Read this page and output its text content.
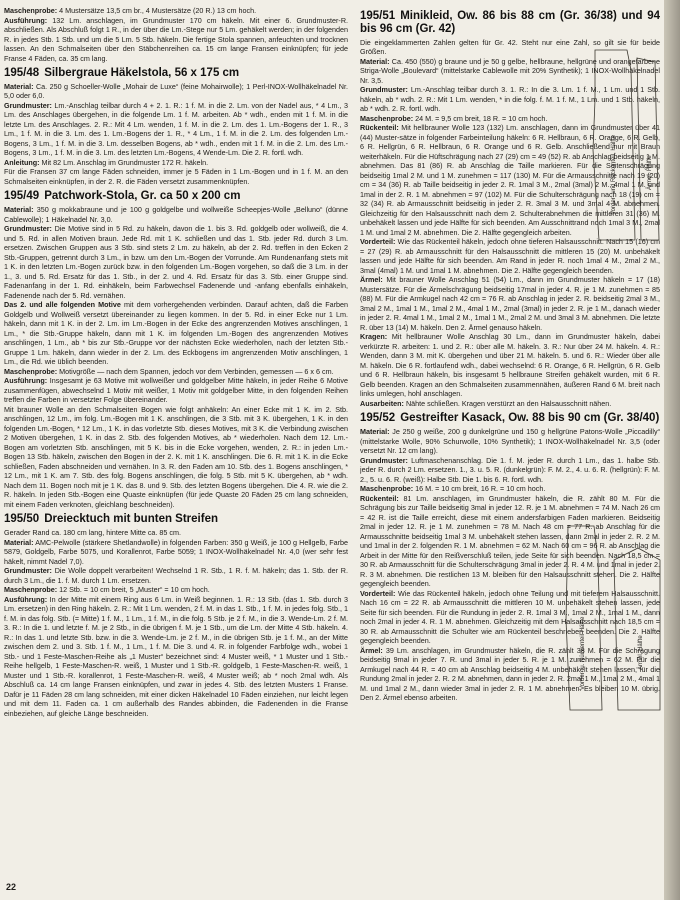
Maschenprobe: 4 Mustersätze 13,5 cm br., 4 Mustersätze (20 R.) 13 cm hoch.

Ausführung: 132 Lm. anschlagen, im Grundmuster 170 cm häkeln. Mit einer 6. Grundmuster-R. abschließen. Als Abschluß folgt 1 R., in der über die Lm.-Stege nur 5 Lm. gehäkelt werden; in der folgenden R. in jedes Stb. 1 Stb. und um die 5 Lm. 5 Stb. häkeln. Die fertige Stola spannen, anfeuchten und trocknen lassen. An den Schmalseiten über den Stäbchenreihen ca. 15 cm lange Fransen einknüpfen; für jede Franse 4 Fäden, ca. 35 cm lang.

195/48 Silbergraue Häkelstola, 56 x 175 cm

Material: Ca. 250 g Schoeller-Wolle „Mohair de Luxe“ (feine Mohairwolle); 1 Perl-INOX-Wollhäkelnadel Nr. 5,0 oder 6,0.

Grundmuster: Lm.-Anschlag teilbar durch 4 + 2. 1. R.: 1 f. M. in die 2. Lm. von der Nadel aus, * 4 Lm., 3 Lm. des Anschlages übergehen, in die folgende Lm. 1 f. M. arbeiten. Ab * wdh., enden mit 1 f. M. in die letzte Lm. des Anschlages. 2. R.: Mit 4 Lm. wenden, 1 f. M. in die 2. Lm. des 1. Lm.-Bogens der 1. R., 3 Lm., 1 f. M. in die 3. Lm. des 1. Lm.-Bogens der 1. R., * 4 Lm., 1 f. M. in die 2. Lm. des folgenden Lm.-Bogens, 3 Lm., 1 f. M. in die 3. Lm. desselben Bogens, ab * wdh., enden mit 1 f. M. in die 2. Lm. des Lm.-Bogens, 3 Lm., 1 f. M. in die 3. Lm. des letzten Lm.-Bogens, 4 Wende-Lm. Die 2. R. fortl. wdh.

Anleitung: Mit 82 Lm. Anschlag im Grundmuster 172 R. häkeln.

Für die Fransen 37 cm lange Fäden schneiden, immer je 5 Fäden in 1 Lm.-Bogen und in 1 f. M. an den Schmalseiten einknüpfen, in der 2. R. die Fäden versetzt zusammenknüpfen.

195/49 Patchwork-Stola, Gr. ca 50 x 200 cm

Material: 350 g mokkabraune und je 100 g goldgelbe und wollweiße Scheepjes-Wolle „Belluno“ (dünne Cablewolle); 1 Häkelnadel Nr. 3,0.

Grundmuster: Die Motive sind in 5 Rd. zu häkeln, davon die 1. bis 3. Rd. goldgelb oder wollweiß, die 4. und 5. Rd. in allen Motiven braun. Jede Rd. mit 1 K. schließen und das 1. Stb. jeder Rd. durch 3 Lm. ersetzen. Zwischen Gruppen aus 3 Stb. sind stets 2 Lm. zu häkeln, ab der 2. Rd. treffen in den Ecken 2 Stb.-Gruppen, getrennt durch 3 Lm., in bzw. um den Lm.-Bogen der Vorrunde. Am Rundenanfang stets mit 1 K. in den letzten Lm.-Bogen zurück bzw. in den folgenden Lm.-Bogen vorgehen, so daß die 3 Lm. in der 1., 3. und 5. Rd. Ersatz für das 1. Stb., in der 2. und 4. Rd. Ersatz für das 3. Stb. einer Gruppe sind. Fadenanfang in der 1. Rd. einhäkeln, beim Farbwechsel Fadenende und -anfang ebenfalls einhäkeln, Fadenende nach der 5. Rd. vernähen.

Das 2. und alle folgenden Motive mit dem vorhergehenden verbinden. Darauf achten, daß die Farben Goldgelb und Wollweiß versetzt übereinander zu liegen kommen. In der 5. Rd. in einer Ecke nur 1 Lm. häkeln, dann mit 1 K. in der 2. Lm. im Lm.-Bogen in der Ecke des angrenzenden Motives anschlingen, 1 Lm., * die Stb.-Gruppe häkeln, dann mit 1 K. im folgenden Lm.-Bogen des angrenzenden Motives anschlingen, 1 Lm., ab * bis zur Stb.-Gruppe vor der nächsten Ecke wiederholen, nach der letzten Stb.-Gruppe 1 Lm. häkeln, dann wieder in der 2. Lm. des Eckbogens im angrenzenden Motiv anschlingen, 1 Lm., die Rd. wie üblich beenden.

Maschenprobe: Motivgröße — nach dem Spannen, jedoch vor dem Verbinden, gemessen — 6 x 6 cm.

Ausführung: Insgesamt je 63 Motive mit wollweißer und goldgelber Mitte häkeln, in jeder Reihe 6 Motive zusammenfügen, abwechselnd 1 Motiv mit weißer, 1 Motiv mit goldgelber Mitte, in den folgenden Reihen treffen die Farben in versetzter Folge übereinander.

Mit brauner Wolle an den Schmalseiten Bogen wie folgt anhäkeln: An einer Ecke mit 1 K. im 2. Stb. anschlingen, 12 Lm., im folg. Lm.-Bogen mit 1 K. anschlingen, die 3 Stb. mit 3 K. übergehen, 1 K. in den folgenden Lm.-Bogen, * 12 Lm., 1 K. in das vorletzte Stb. dieses Motives, mit 3 K. die Verbindung zwischen 2 Motiven übergehen, 1 K. in das 2. Stb. des folgenden Motives, ab * wiederholen. Nach dem 12. Lm.-Bogen am vorletzten Stb. anschlingen, mit 5 K. bis in die Ecke vorgehen, wenden, 2. R.: in jeden Lm.-Bogen 13 Stb. häkeln, zwischen den Bogen in der 2. K. mit 1 K. anschlingen. Die 6. R. mit 1 K. in die Ecke schließen, Faden abschneiden und vernähen. In 3. R. den Faden am 10. Stb. des 1. Bogens anschlingen, * 12 Lm., mit 1 K. am 7. Stb. des folg. Bogens anschlingen, die folg. 5 Stb. mit 5 K. übergehen, ab * wdh. Nach dem 11. Bogen noch mit je 1 K. das 8. und 9. Stb. des letzten Bogens übergehen. Die 4. R. wie die 2. R. häkeln. In jeden Stb.-Bogen eine Quaste einknüpfen (für jede Quaste 20 Fäden 25 cm lang schneiden, mit einem Faden verknoten, gleichlang beschneiden).

195/50 Dreiecktuch mit bunten Streifen

Gerader Rand ca. 180 cm lang, hintere Mitte ca. 85 cm.

Material: AMC-Pelwolle (stärkere Shetlandwolle) in folgenden Farben: 350 g Weiß, je 100 g Hellgelb, Farbe 5879, Goldgelb, Farbe 5075, und Korallenrot, Farbe 5059; 1 INOX-Wollhäkelnadel Nr. 4,0 (wer sehr fest häkelt, nimmt Nadel 7,0).

Grundmuster: Die Wolle doppelt verarbeiten! Wechselnd 1 R. Stb., 1 R. f. M. häkeln; das 1. Stb. der R. durch 3 Lm., die 1. f. M. durch 1 Lm. ersetzen.

Maschenprobe: 12 Stb. = 10 cm breit, 5 „Muster“ = 10 cm hoch.

Ausführung: In der Mitte mit einem Ring aus 6 Lm. in Weiß beginnen. 1. R.: 13 Stb. (das 1. Stb. durch 3 Lm. ersetzen) in den Ring häkeln. 2. R.: Mit 1 Lm. wenden, 2 f. M. in das 1. Stb., 1 f. M. in jedes folg. Stb., 1 f. M. in das folg. Stb. (= Mitte) 1 f. M., 1 Lm., 1 f. M., in die folg. 5 Stb. je 2 f. M., in die 3. Wende-Lm. 2 f. M. 3. R.: In die 1. und letzte f. M. je 2 Stb., in die übrigen f. M. je 1 Stb., um die Lm. der Mitte 4 Stb. häkeln. 4. R.: In das 1. und letzte Stb. bzw. in die 3. Wende-Lm. je 2 f. M., in die übrigen Stb. je 1 f. M., an der Mitte zwischen dem 2. und 3. Stb. 1 f. M., 1 Lm., 1 f. M. Die 3. und 4. R. in folgender Farbfolge wdh., wobei 1 Stb.- und 1 Feste-Maschen-Reihe als „1 Muster“ bezeichnet sind: 4 Muster weiß, * 1 Muster und 1 Stb.-Reihe hellgelb, 1 Feste-Maschen-R. weiß, 1 Muster und 1 Stb.-R. goldgelb, 1 Feste-Maschen-R. weiß, 1 Muster und 1 Stb.-R. korallenrot, 1 Feste-Maschen-R. weiß, 4 Muster weiß; ab * noch 2mal wdh. Als Abschluß ca. 14 cm lange Fransen einknüpfen, und zwar in jedes 4. Stb. des letzten Musters 1 Franse. Dafür je 11 Fäden 28 cm lang schneiden, mit einer dicken Häkelnadel 10 Fäden einziehen, nur leicht legen und mit dem 11. Faden ca. 1 cm außerhalb des Randes abbinden, die Fadenenden in die Franse einbeziehen, auf gleiche Länge beschneiden.

195/51 Minikleid, Ow. 86 bis 88 cm (Gr. 36/38) und 94 bis 96 cm (Gr. 42)

Die eingeklammerten Zahlen gelten für Gr. 42. Steht nur eine Zahl, so gilt sie für beide Größen.

Material: Ca. 450 (550) g braune und je 50 g gelbe, hellbraune, hellgrüne und orangefarbene Striga-Wolle „Boulevard“ (mittelstarke Cablewolle mit 20% Synthetik); 1 INOX-Wollhäkelnadel Nr. 3,5.

Grundmuster: Lm.-Anschlag teilbar durch 3. 1. R.: In die 3. Lm. 1 f. M., 1 Lm. und 1 Stb. häkeln, ab * wdh. 2. R.: Mit 1 Lm. wenden, * in die folg. f. M. 1 f. M., 1 Lm. und 1 Stb. häkeln, ab * wdh. 2. R. fortl. wdh.

Maschenprobe: 24 M. = 9,5 cm breit, 18 R. = 10 cm hoch.

Rückenteil: Mit hellbrauner Wolle 123 (132) Lm. anschlagen, dann im Grundmuster über 41 (44) Muster-sätze in folgender Farbeinteilung häkeln: 6 R. Hellbraun, 6 R. Orange, 6 R. Gelb, 6 R. Hellgrün, 6 R. Hellbraun, 6 R. Orange und 6 R. Gelb. Anschließend nur mit Braun weiterhäkeln. Für die Hüftschrägung nach 27 (29) cm = 49 (52) R. ab Anschlag beidseitig 1 M. abnehmen. Das 81 (86) R. ab Anschlag die Taille markieren. Für die Seitenschrägung beidseitig 1mal 2 M. und 1 M. zunehmen = 117 (130) M. Für die Armausschnitte nach 19 (20) cm = 34 (36) R. ab Taille beidseitig in jeder 2. R. 1mal 3 M., 2mal (3mal) 2 M., 4mal 1 M. und 1mal in der 2. R. 1 M. abnehmen = 97 (102) M. Für die Schulterschrägung nach 18 (19) cm = 32 (34) R. ab Armausschnitt beidseitig in jeder 2. R. 3mal 3 M. und 3mal 4 M. abnehmen. Gleichzeitig für den Halsausschnitt nach dem 2. Schulterabnehmen die mittleren 31 (36) M. unbehäkelt lassen und jede Hälfte für sich beenden. Am Ausschnittrand noch 1mal 3 M., 2mal 1 M. und 1mal 2 M. abnehmen. Die 2. Hälfte gegengleich arbeiten.

Vorderteil: Wie das Rückenteil häkeln, jedoch ohne tieferen Halsausschnitt. Nach 15 (16) cm = 27 (29) R. ab Armausschnitt für den Halsausschnitt die mittleren 15 (20) M. unbehäkelt lassen und jede Hälfte für sich beenden. Am Rand in jeder R. noch 1mal 4 M., 2mal 2 M., 3mal (4mal) 1 M. und 1mal 1 M. abnehmen. Die 2. Hälfte gegengleich beenden.

Ärmel: Mit brauner Wolle Anschlag 51 (54) Lm., dann im Grundmuster häkeln = 17 (18) Mustersätze. Für die Ärmelschrägung beidseitig 17mal in jeder 4. R. je 1 M. zunehmen = 85 (88) M. Für die Armkugel nach 42 cm = 76 R. ab Anschlag in jeder 2. R. beidseitig 2mal 3 M., 3mal 2 M., 1mal 1 M., 1mal 2 M., 4mal 1 M., 2mal (3mal) in jeder 2. R. je 1 M., danach wieder in jeder 2. R. 4mal 1 M., 1mal 2 M., 1mal 1 M., 2mal 2 M. und 3mal 3 M. abnehmen. Die letzte R. über 13 (14) M. häkeln. Den 2. Ärmel genauso häkeln.

Kragen: Mit hellbrauner Wolle Anschlag 30 Lm., dann im Grundmuster häkeln, dabei verkürzte R. arbeiten: 1. und 2. R.: über alle M. häkeln. 3. R.: Nur über 24 M. häkeln. 4. R.: Wenden, dann 3 M. mit K. übergehen und über 21 M. häkeln. 5. und 6. R.: Wieder über alle M. häkeln. Die 6 R. fortlaufend wdh., dabei wechselnd: 6 R. Orange, 6 R. Hellgrün, 6 R. Gelb und 6 R. Hellbraun häkeln, bis insgesamt 5 hellbraune Streifen gehäkelt wurden, mit 6 R. Gelb beenden. Kragen an den Schmalseiten zusammennähen, äußeren Rand 6 M. breit nach links umlegen, hohl anschlagen.

Ausarbeiten: Nähte schließen. Kragen verstürzt an den Halsausschnitt nähen.

195/52 Gestreifter Kasack, Ow. 88 bis 90 cm (Gr. 38/40)

Material: Je 250 g weiße, 200 g dunkelgrüne und 150 g hellgrüne Patons-Wolle „Piccadilly“ (mittelstarke Wolle, 90% Schurwolle, 10% Synthetik); 1 INOX-Wollhäkelnadel Nr. 3,5 (oder versetzt Nr. 12 cm lang).

Grundmuster: Luftmaschenanschlag. Die 1. f. M. jeder R. durch 1 Lm., das 1. halbe Stb. jeder R. durch 2 Lm. ersetzen. 1., 3. u. 5. R. (dunkelgrün): F. M. 2., 4. u. 6. R. (hellgrün): F. M. 2., 5. u. 6. R. (weiß): Halbe Stb. Die 1. bis 6. R. fortl. wdh.

Maschenprobe: 16 M. = 10 cm breit, 16 R. = 10 cm hoch.

Rückenteil: 81 Lm. anschlagen, im Grundmuster häkeln, die R. zählt 80 M. Für die Schrägung bis zur Taille beidseitig 3mal in jeder 12. R. je 1 M. abnehmen = 74 M. Nach 26 cm = 42 R. ist die Taille erreicht, diese mit einem andersfarbigen Faden markieren. Beidseitig 2mal in jeder 12. R. je 1 M. zunehmen = 78 M. Nach 48 cm = 77 R. ab Anschlag für die Armausschnitte beidseitig 1mal 3 M. unbehäkelt stehen lassen, dann 2mal in jeder 2. R. 2 M. und 1mal in der 2. folgenden R. 1 M. abnehmen = 62 M. Nach 60 cm = 96 R. ab Anschlag die Arbeit in der Mitte für den Reißverschluß teilen, jede Seite für sich beenden. Nach 18,5 cm = 30 R. ab Armausschnitt für die Schulterschrägung 3mal in jeder 2. R. 4 M. und 1mal in jeder 2. R. 3 M. abnehmen. Die restlichen 13 M. bleiben für den Halsausschnitt stehen. Die 2. Hälfte gegengleich beenden.

Vorderteil: Wie das Rückenteil häkeln, jedoch ohne Teilung und mit tieferem Halsausschnitt. Nach 16 cm = 22 R. ab Armausschnitt die mittleren 10 M. unbehäkelt stehen lassen, jede Seite für sich beenden. Für die Rundung in jeder 2. R. 1mal 3 M., 1mal 2 M., 1mal 1 M., dann noch 2mal in jeder 4. R. 1 M. abnehmen. Gleichzeitig mit dem Halsausschnitt nach 18,5 cm = 30 R. ab Armausschnitt die Schulter wie am Rückenteil beschrieben beenden. Die 2. Hälfte gegengleich beenden.

Ärmel: 39 Lm. anschlagen, im Grundmuster häkeln, die R. zählt 38 M. Für die Schrägung beidseitig 9mal in jeder 7. R. und 3mal in jeder 5. R. je 1 M. zunehmen = 62 M. Für die Armkugel nach 44 R. = 40 cm ab Anschlag beidseitig 4 M. unbehäkelt stehen lassen, für die Rundung 2mal in jeder 2. R. 2 M. abnehmen, dann in jeder 2. R. 2mal 1 M., 1mal 2 M., 4mal 1 M. und 1mal 2 M., dann wieder 3mal in jeder 2. R. 1 M. abnehmen. Es bleiben 10 M. übrig. Den 2. Ärmel ebenso arbeiten.

Vorder- und Rückenteil, Hälfte	Ärmel, Hälfte
Vorder- u. Rückenteil Hälfte	Ärmel, Hälfte
22
